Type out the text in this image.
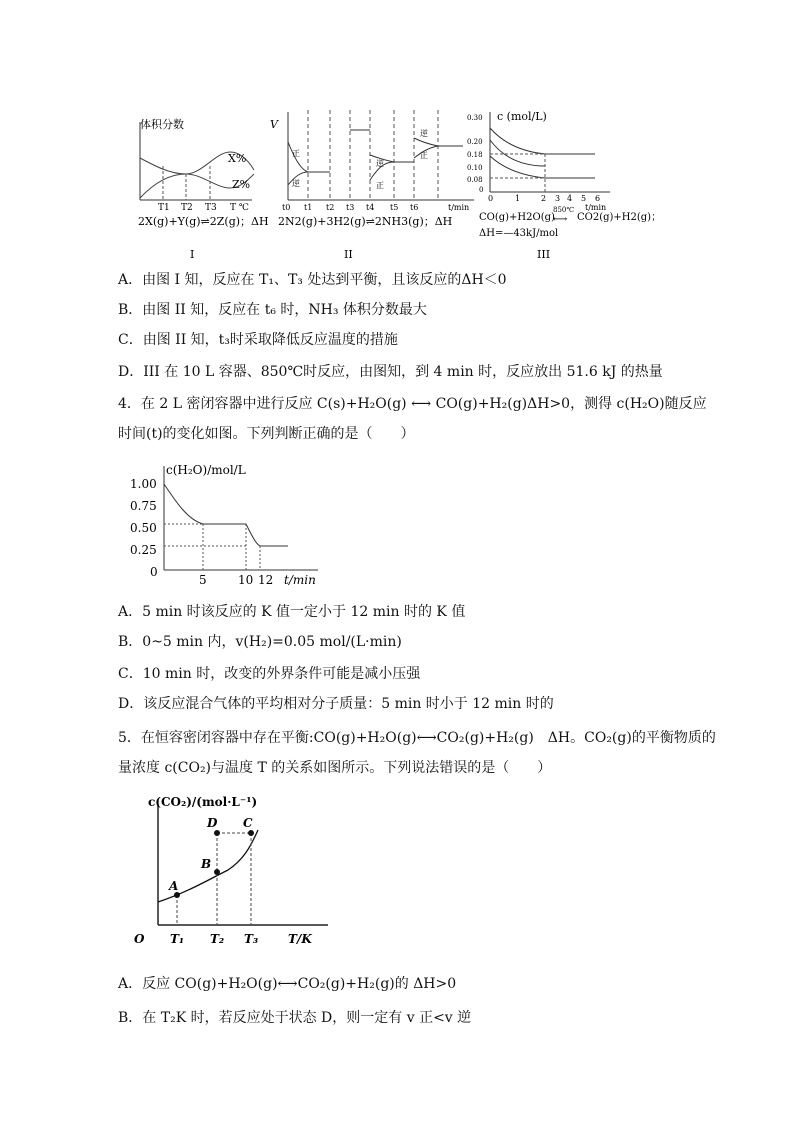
体积分数
X%
Z%
T1 T2 T3 T ℃
2X(g)+Y(g)⇌2Z(g)；ΔH
I
V
正
逆
逆
正
正
逆
t0 t1 t2 t3 t4 t5 t6	t/min
2N2(g)+3H2(g)⇌2NH3(g)；ΔH
II
c (mol/L)
0.30
0.20
0.18
0.10
0.08
0
0	1	2 3 4 5 6
t/min
CO(g)+H2O(g)
850℃
⟷ CO2(g)+H2(g)；
ΔH=—43kJ/mol
III
A．由图 I 知，反应在 T₁、T₃ 处达到平衡，且该反应的ΔH＜0
B．由图 II 知，反应在 t₆ 时，NH₃ 体积分数最大
C．由图 II 知，t₃时采取降低反应温度的措施
D．III 在 10 L 容器、850℃时反应，由图知，到 4 min 时，反应放出 51.6 kJ 的热量
4．在 2 L 密闭容器中进行反应 C(s)+H₂O(g) ⟷ CO(g)+H₂(g)ΔH>0，测得 c(H₂O)随反应
时间(t)的变化如图。下列判断正确的是（　　）
c(H₂O)/mol/L
1.00
0.75
0.50
0.25
0
5	10 12 t/min
A．5 min 时该反应的 K 值一定小于 12 min 时的 K 值
B．0~5 min 内，v(H₂)=0.05 mol/(L·min)
C．10 min 时，改变的外界条件可能是减小压强
D．该反应混合气体的平均相对分子质量：5 min 时小于 12 min 时的
5．在恒容密闭容器中存在平衡:CO(g)+H₂O(g)⟷CO₂(g)+H₂(g)　ΔH。CO₂(g)的平衡物质的
量浓度 c(CO₂)与温度 T 的关系如图所示。下列说法错误的是（　　）
c(CO₂)/(mol·L⁻¹)
A
B
C
D
O T₁ T₂ T₃ T/K
A．反应 CO(g)+H₂O(g)⟷CO₂(g)+H₂(g)的 ΔH>0
B．在 T₂K 时，若反应处于状态 D，则一定有 v 正<v 逆
